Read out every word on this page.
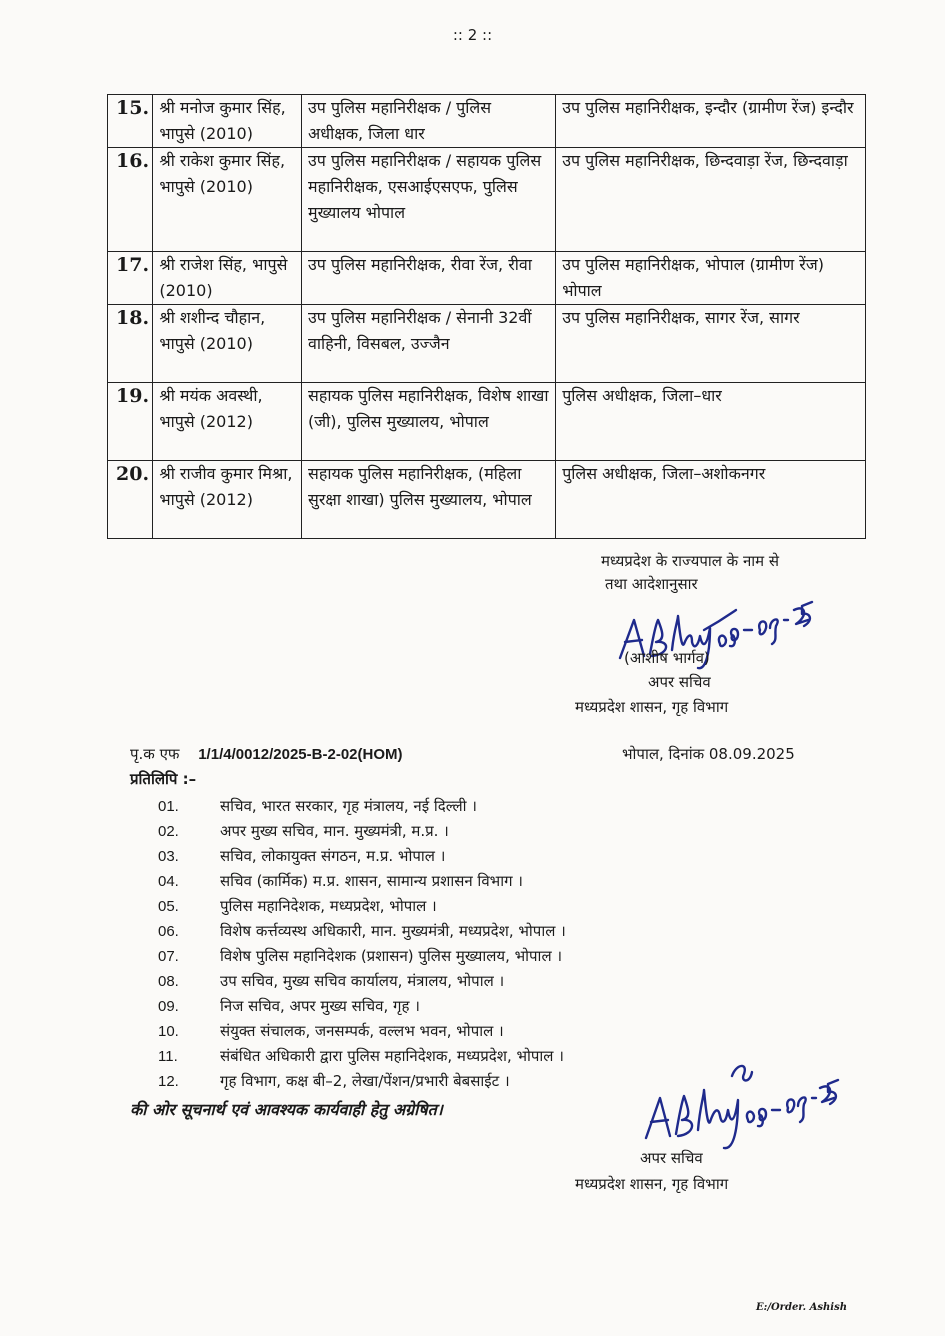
:: 2 ::
15.	श्री मनोज कुमार सिंह, भापुसे (2010)	उप पुलिस महानिरीक्षक / पुलिस अधीक्षक, जिला धार	उप पुलिस महानिरीक्षक, इन्दौर (ग्रामीण रेंज) इन्दौर
16.	श्री राकेश कुमार सिंह, भापुसे (2010)	उप पुलिस महानिरीक्षक / सहायक पुलिस महानिरीक्षक, एसआईएसएफ, पुलिस मुख्यालय भोपाल	उप पुलिस महानिरीक्षक, छिन्दवाड़ा रेंज, छिन्दवाड़ा
17.	श्री राजेश सिंह, भापुसे (2010)	उप पुलिस महानिरीक्षक, रीवा रेंज, रीवा	उप पुलिस महानिरीक्षक, भोपाल (ग्रामीण रेंज) भोपाल
18.	श्री शशीन्द चौहान, भापुसे (2010)	उप पुलिस महानिरीक्षक / सेनानी 32वीं वाहिनी, विसबल, उज्जैन	उप पुलिस महानिरीक्षक, सागर रेंज, सागर
19.	श्री मयंक अवस्थी, भापुसे (2012)	सहायक पुलिस महानिरीक्षक, विशेष शाखा (जी), पुलिस मुख्यालय, भोपाल	पुलिस अधीक्षक, जिला–धार
20.	श्री राजीव कुमार मिश्रा, भापुसे (2012)	सहायक पुलिस महानिरीक्षक, (महिला सुरक्षा शाखा) पुलिस मुख्यालय, भोपाल	पुलिस अधीक्षक, जिला–अशोकनगर
मध्यप्रदेश के राज्यपाल के नाम से
तथा आदेशानुसार
(आशीष भार्गव)
अपर सचिव
मध्यप्रदेश शासन, गृह विभाग
पृ.क एफ 1/1/4/0012/2025-B-2-02(HOM)	भोपाल, दिनांक 08.09.2025
प्रतिलिपि :–
01.	सचिव, भारत सरकार, गृह मंत्रालय, नई दिल्ली ।
02.	अपर मुख्य सचिव, मान. मुख्यमंत्री, म.प्र. ।
03.	सचिव, लोकायुक्त संगठन, म.प्र. भोपाल ।
04.	सचिव (कार्मिक) म.प्र. शासन, सामान्य प्रशासन विभाग ।
05.	पुलिस महानिदेशक, मध्यप्रदेश, भोपाल ।
06.	विशेष कर्त्तव्यस्थ अधिकारी, मान. मुख्यमंत्री, मध्यप्रदेश, भोपाल ।
07.	विशेष पुलिस महानिदेशक (प्रशासन) पुलिस मुख्यालय, भोपाल ।
08.	उप सचिव, मुख्य सचिव कार्यालय, मंत्रालय, भोपाल ।
09.	निज सचिव, अपर मुख्य सचिव, गृह ।
10.	संयुक्त संचालक, जनसम्पर्क, वल्लभ भवन, भोपाल ।
11.	संबंधित अधिकारी द्वारा पुलिस महानिदेशक, मध्यप्रदेश, भोपाल ।
12.	गृह विभाग, कक्ष बी–2, लेखा/पेंशन/प्रभारी बेबसाईट ।
की ओर सूचनार्थ एवं आवश्यक कार्यवाही हेतु अग्रेषित।
अपर सचिव
मध्यप्रदेश शासन, गृह विभाग
E:/Order. Ashish
